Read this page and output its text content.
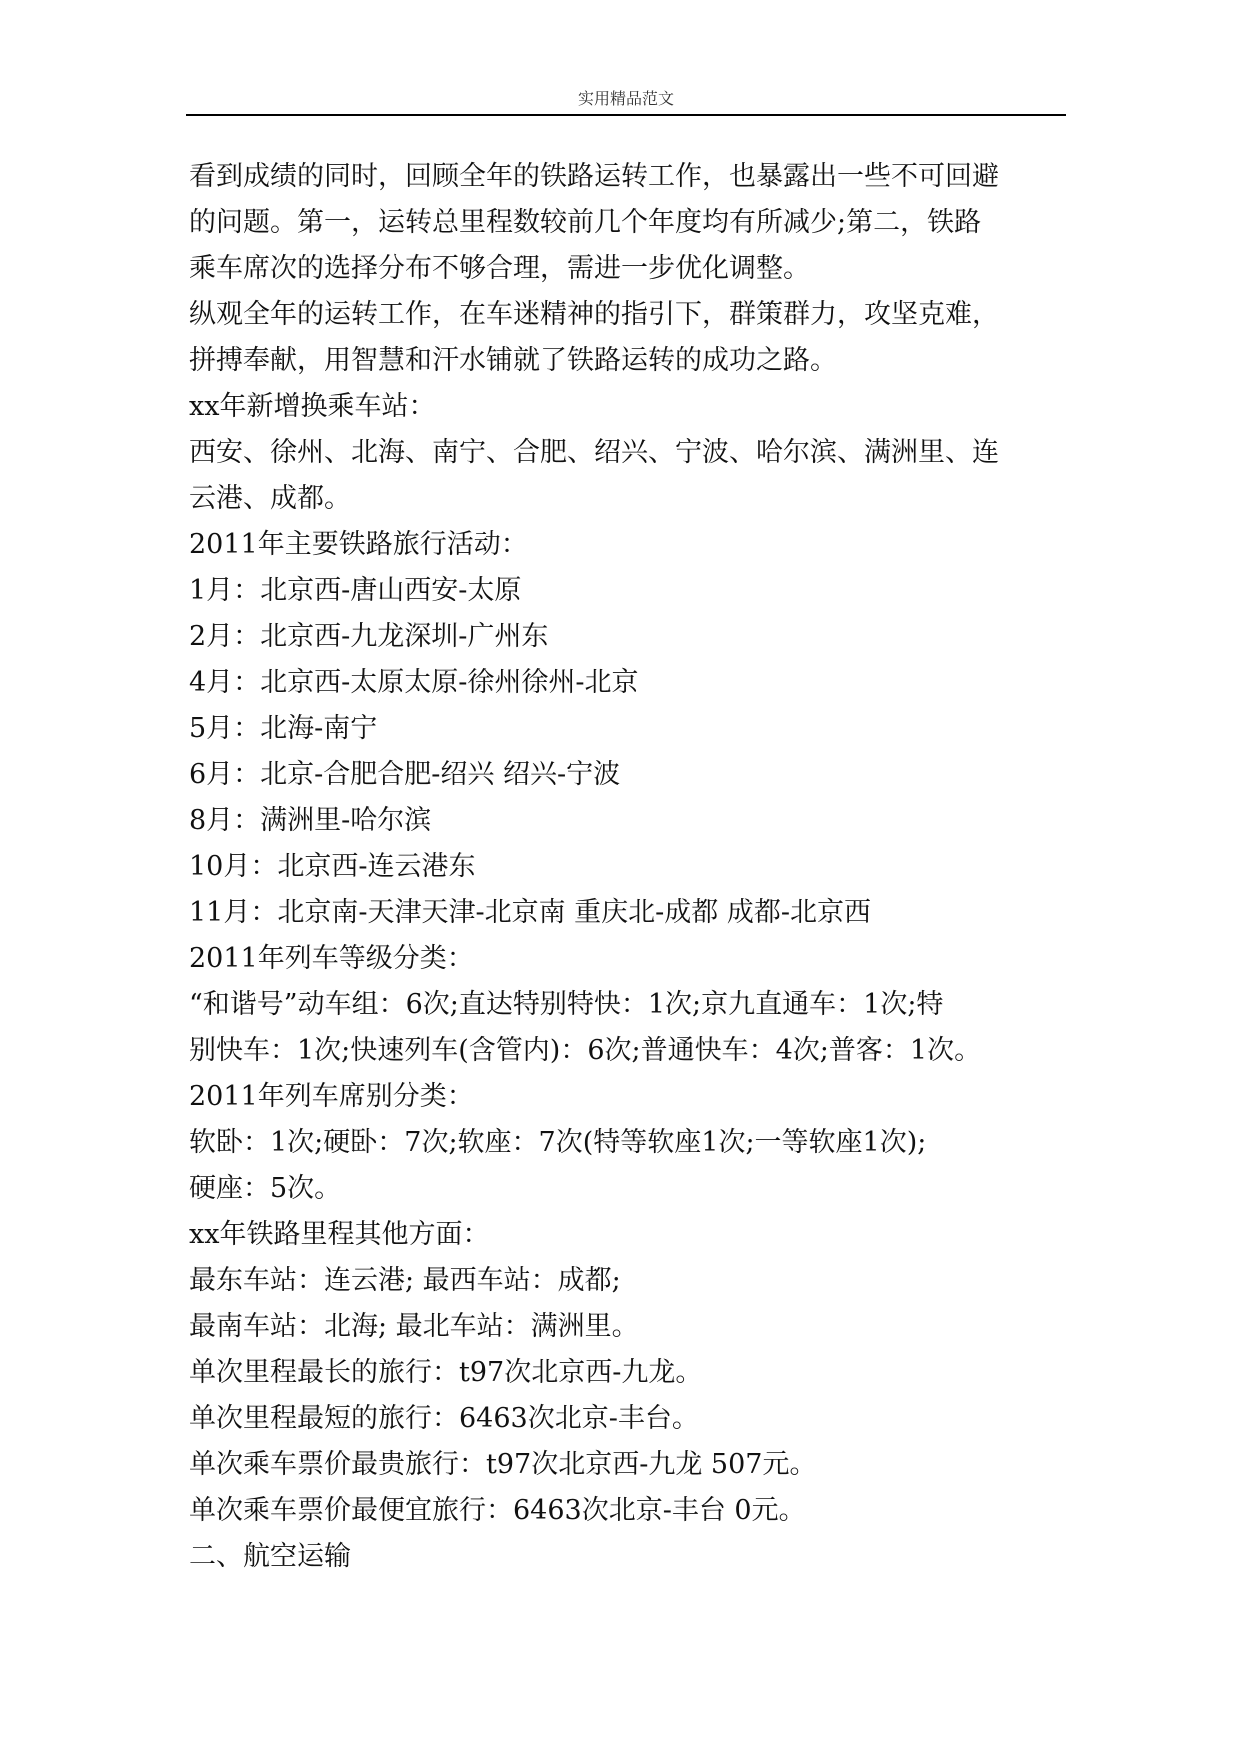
实用精品范文
看到成绩的同时，回顾全年的铁路运转工作，也暴露出一些不可回避
的问题。第一，运转总里程数较前几个年度均有所减少;第二，铁路
乘车席次的选择分布不够合理，需进一步优化调整。
纵观全年的运转工作，在车迷精神的指引下，群策群力，攻坚克难，
拼搏奉献，用智慧和汗水铺就了铁路运转的成功之路。
xx年新增换乘车站：
西安、徐州、北海、南宁、合肥、绍兴、宁波、哈尔滨、满洲里、连
云港、成都。
2011年主要铁路旅行活动：
1月：北京西-唐山西安-太原
2月：北京西-九龙深圳-广州东
4月：北京西-太原太原-徐州徐州-北京
5月：北海-南宁
6月：北京-合肥合肥-绍兴 绍兴-宁波
8月：满洲里-哈尔滨
10月：北京西-连云港东
11月：北京南-天津天津-北京南 重庆北-成都 成都-北京西
2011年列车等级分类：
“和谐号”动车组：6次;直达特别特快：1次;京九直通车：1次;特
别快车：1次;快速列车(含管内)：6次;普通快车：4次;普客：1次。
2011年列车席别分类：
软卧：1次;硬卧：7次;软座：7次(特等软座1次;一等软座1次);
硬座：5次。
xx年铁路里程其他方面：
最东车站：连云港; 最西车站：成都;
最南车站：北海; 最北车站：满洲里。
单次里程最长的旅行：t97次北京西-九龙。
单次里程最短的旅行：6463次北京-丰台。
单次乘车票价最贵旅行：t97次北京西-九龙 507元。
单次乘车票价最便宜旅行：6463次北京-丰台 0元。
二、航空运输
